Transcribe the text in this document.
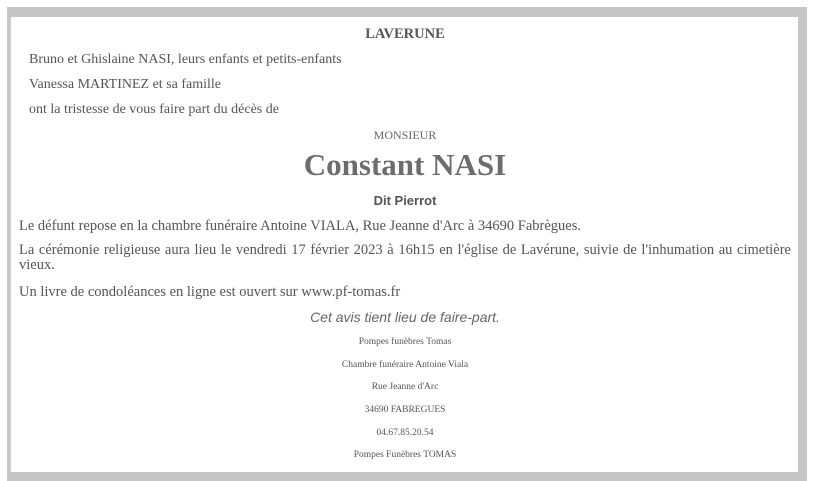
LAVERUNE

Bruno et Ghislaine NASI, leurs enfants et petits-enfants

Vanessa MARTINEZ et sa famille

ont la tristesse de vous faire part du décès de

MONSIEUR

Constant NASI

Dit Pierrot

Le défunt repose en la chambre funéraire Antoine VIALA, Rue Jeanne d'Arc à 34690 Fabrègues.

La cérémonie religieuse aura lieu le vendredi 17 février 2023 à 16h15 en l'église de Lavérune, suivie de l'inhumation au cimetière vieux.

Un livre de condoléances en ligne est ouvert sur www.pf-tomas.fr

Cet avis tient lieu de faire-part.

Pompes funèbres Tomas

Chambre funéraire Antoine Viala

Rue Jeanne d'Arc

34690 FABREGUES

04.67.85.20.54

Pompes Funèbres TOMAS
